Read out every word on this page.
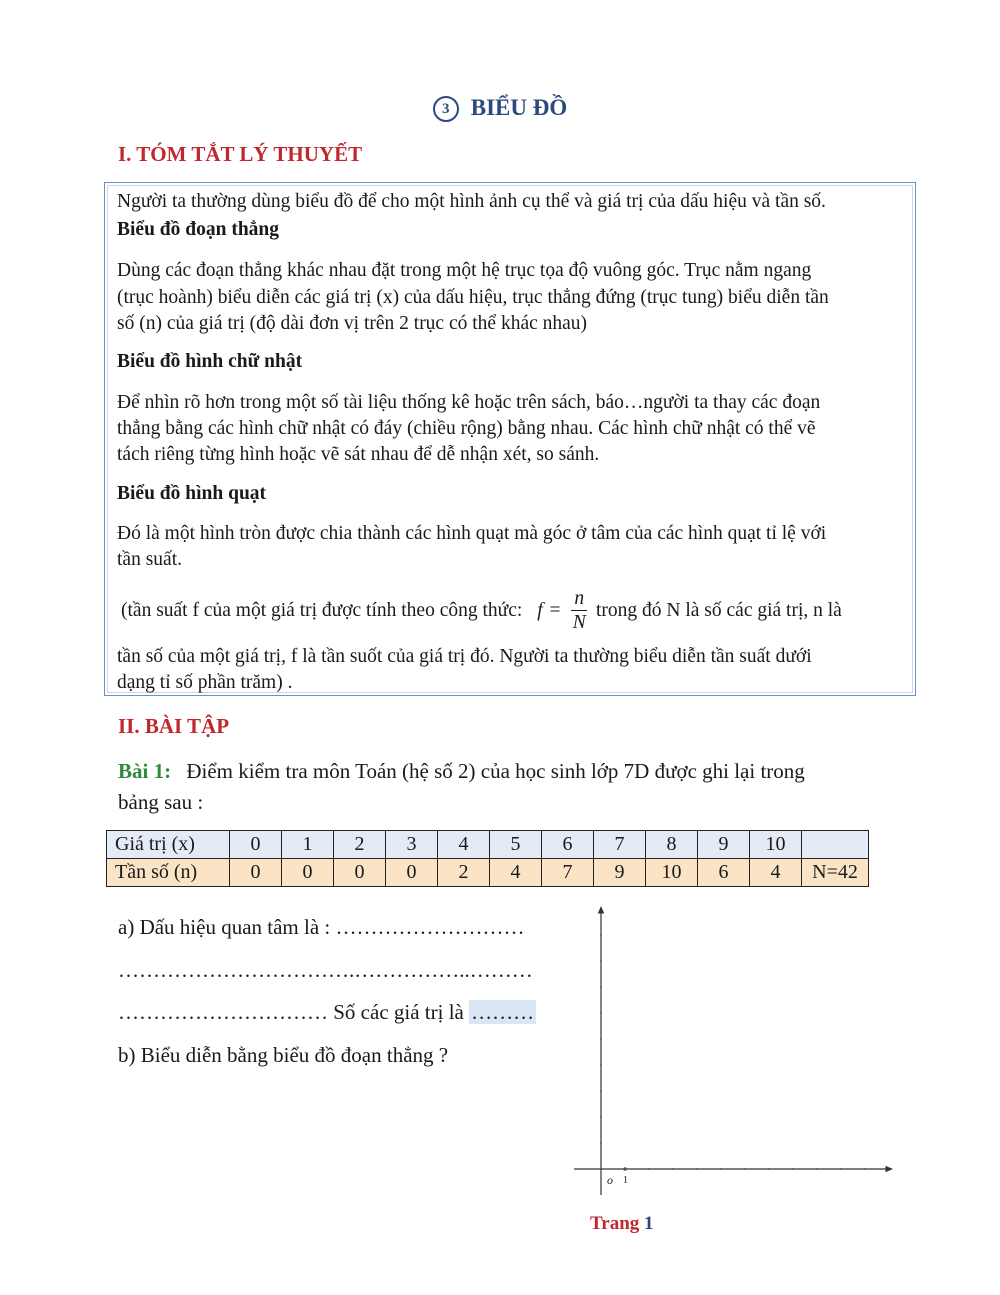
3 BIỂU ĐỒ
I. TÓM TẮT LÝ THUYẾT

Người ta thường dùng biểu đồ để cho một hình ảnh cụ thể và giá trị của dấu hiệu và tần số.

Biểu đồ đoạn thẳng

Dùng các đoạn thẳng khác nhau đặt trong một hệ trục tọa độ vuông góc. Trục nằm ngang

(trục hoành) biểu diễn các giá trị (x) của dấu hiệu, trục thẳng đứng (trục tung) biểu diễn tần

số (n) của giá trị (độ dài đơn vị trên 2 trục có thể khác nhau)

Biểu đồ hình chữ nhật

Để nhìn rõ hơn trong một số tài liệu thống kê hoặc trên sách, báo…người ta thay các đoạn

thẳng bằng các hình chữ nhật có đáy (chiều rộng) bằng nhau. Các hình chữ nhật có thể vẽ

tách riêng từng hình hoặc vẽ sát nhau để dễ nhận xét, so sánh.

Biểu đồ hình quạt

Đó là một hình tròn được chia thành các hình quạt mà góc ở tâm của các hình quạt tỉ lệ với

tần suất.

(tần suất f của một giá trị được tính theo công thức: $f = \frac{n}{N}$ trong đó N là số các giá trị, n là

tần số của một giá trị, f là tần suốt của giá trị đó. Người ta thường biểu diễn tần suất dưới

dạng tỉ số phần trăm) .

II. BÀI TẬP
Bài 1: Điểm kiểm tra môn Toán (hệ số 2) của học sinh lớp 7D được ghi lại trong
bảng sau :
Giá trị (x)	0	1	2	3	4	5	6	7	8	9	10	
Tần số (n)	0	0	0	0	2	4	7	9	10	6	4	N=42
a) Dấu hiệu quan tâm là : ………………………
…………………………….……………..………
………………………… Số các giá trị là ………
b) Biểu diễn bằng biểu đồ đoạn thẳng ?
o 1
Trang 1
